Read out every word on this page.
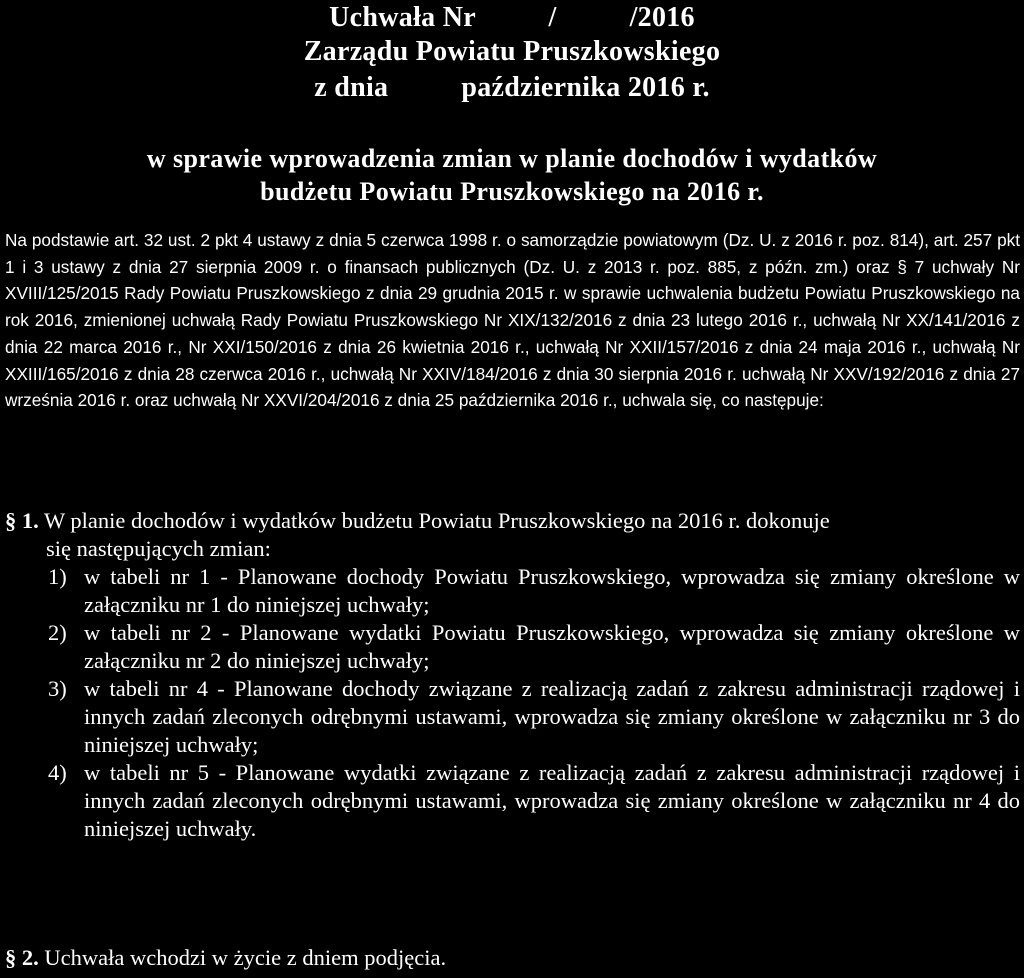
Uchwała Nr          /          /2016
Zarządu Powiatu Pruszkowskiego
z dnia          października 2016 r.
w sprawie wprowadzenia zmian w planie dochodów i wydatków
budżetu Powiatu Pruszkowskiego na 2016 r.

Na podstawie art. 32 ust. 2 pkt 4 ustawy z dnia 5 czerwca 1998 r. o samorządzie powiatowym (Dz. U. z 2016 r. poz. 814), art. 257 pkt 1 i 3 ustawy z dnia 27 sierpnia 2009 r. o finansach publicznych (Dz. U. z 2013 r. poz. 885, z późn. zm.) oraz § 7 uchwały Nr XVIII/125/2015 Rady Powiatu Pruszkowskiego z dnia 29 grudnia 2015 r. w sprawie uchwalenia budżetu Powiatu Pruszkowskiego na rok 2016, zmienionej uchwałą Rady Powiatu Pruszkowskiego Nr XIX/132/2016 z dnia 23 lutego 2016 r., uchwałą Nr XX/141/2016 z dnia 22 marca 2016 r., Nr XXI/150/2016 z dnia 26 kwietnia 2016 r., uchwałą Nr XXII/157/2016 z dnia 24 maja 2016 r., uchwałą Nr XXIII/165/2016 z dnia 28 czerwca 2016 r., uchwałą Nr XXIV/184/2016 z dnia 30 sierpnia 2016 r. uchwałą Nr XXV/192/2016 z dnia 27 września 2016 r. oraz uchwałą Nr XXVI/204/2016 z dnia 25 października 2016 r., uchwala się, co następuje:

§ 1. W planie dochodów i wydatków budżetu Powiatu Pruszkowskiego na 2016 r. dokonuje
się następujących zmian:
1) w tabeli nr 1 - Planowane dochody Powiatu Pruszkowskiego, wprowadza się zmiany określone w załączniku nr 1 do niniejszej uchwały;
2) w tabeli nr 2 - Planowane wydatki Powiatu Pruszkowskiego, wprowadza się zmiany określone w załączniku nr 2 do niniejszej uchwały;
3) w tabeli nr 4 - Planowane dochody związane z realizacją zadań z zakresu administracji rządowej i innych zadań zleconych odrębnymi ustawami, wprowadza się zmiany określone w załączniku nr 3 do niniejszej uchwały;
4) w tabeli nr 5 - Planowane wydatki związane z realizacją zadań z zakresu administracji rządowej i innych zadań zleconych odrębnymi ustawami, wprowadza się zmiany określone w załączniku nr 4 do niniejszej uchwały.
§ 2. Uchwała wchodzi w życie z dniem podjęcia.
